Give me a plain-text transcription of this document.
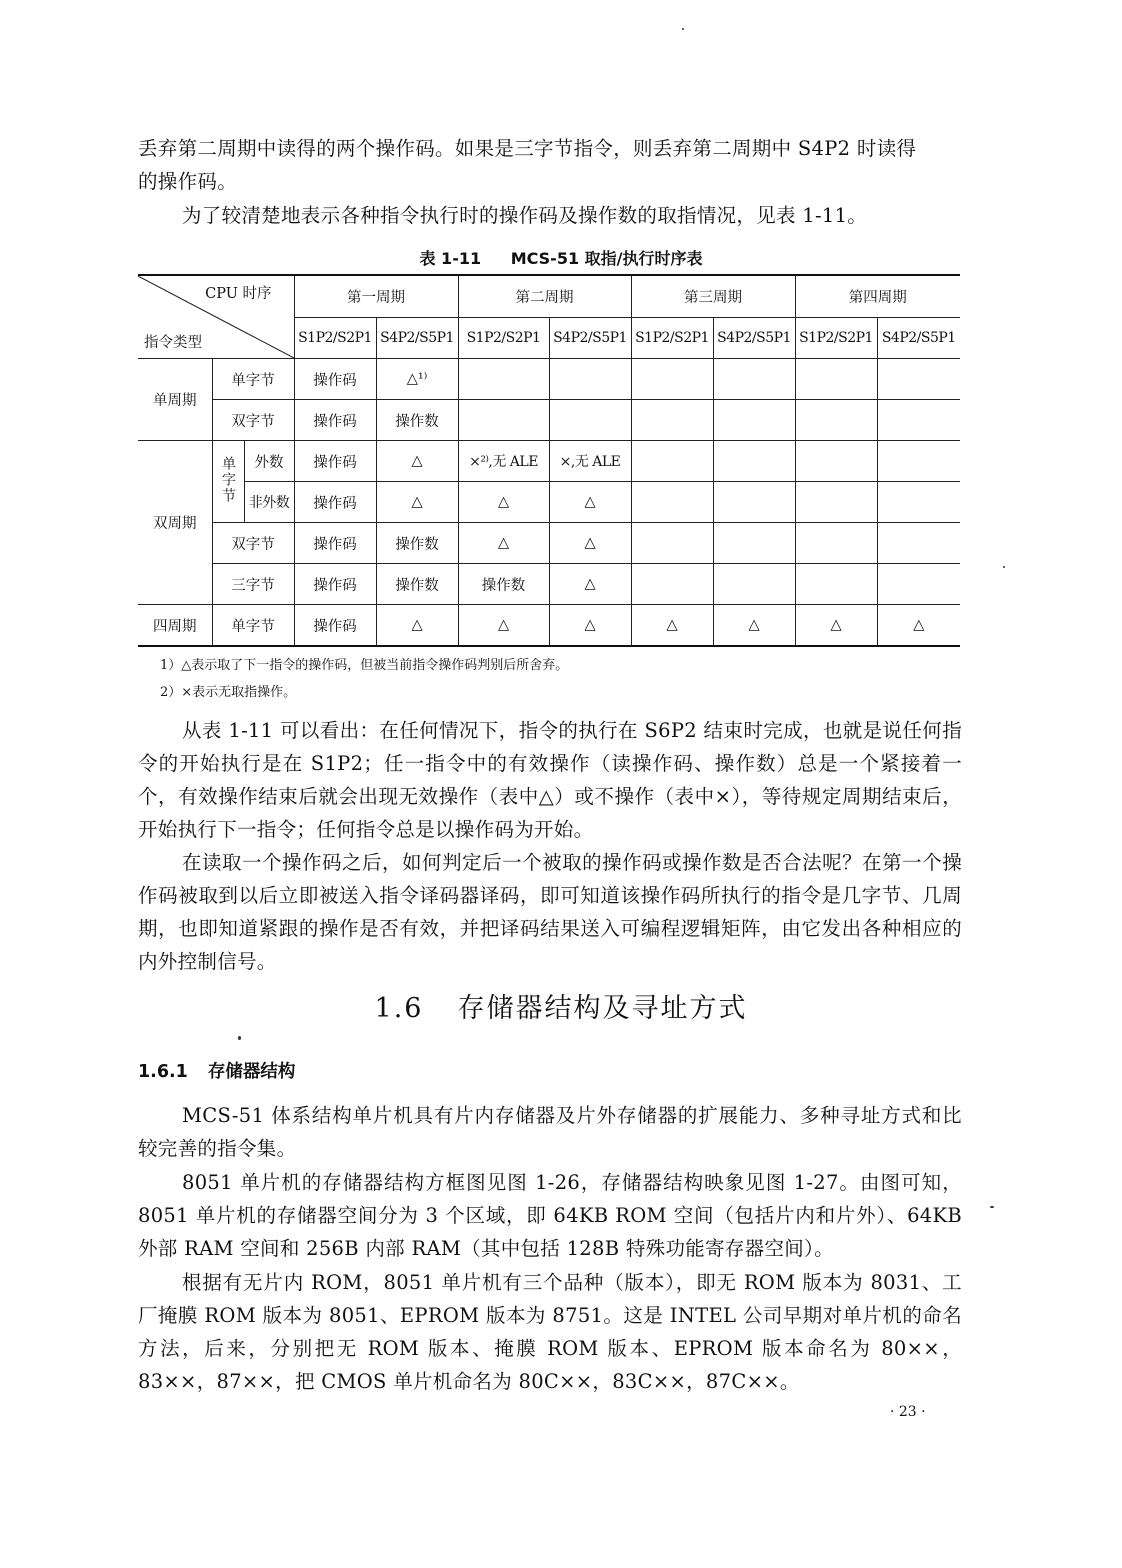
丢弃第二周期中读得的两个操作码。如果是三字节指令，则丢弃第二周期中 S4P2 时读得

的操作码。

为了较清楚地表示各种指令执行时的操作码及操作数的取指情况，见表 1-11。

表 1-11 MCS-51 取指/执行时序表
CPU 时序
指令类型			第一周期		第二周期		第三周期		第四周期	
			S1P2/S2P1	S4P2/S5P1	S1P2/S2P1	S4P2/S5P1	S1P2/S2P1	S4P2/S5P1	S1P2/S2P1	S4P2/S5P1
单周期	单字节		操作码	△¹⁾						
	双字节		操作码	操作数						
双周期	单字节	外数	操作码	△	×²⁾,无 ALE	×,无 ALE				
		非外数	操作码	△	△	△				
	双字节		操作码	操作数	△	△				
	三字节		操作码	操作数	操作数	△				
四周期	单字节		操作码	△	△	△	△	△	△	△
1）△表示取了下一指令的操作码，但被当前指令操作码判别后所舍弃。
2）×表示无取指操作。

从表 1-11 可以看出：在任何情况下，指令的执行在 S6P2 结束时完成，也就是说任何指令的开始执行是在 S1P2；任一指令中的有效操作（读操作码、操作数）总是一个紧接着一个，有效操作结束后就会出现无效操作（表中△）或不操作（表中×），等待规定周期结束后，开始执行下一指令；任何指令总是以操作码为开始。

在读取一个操作码之后，如何判定后一个被取的操作码或操作数是否合法呢？在第一个操作码被取到以后立即被送入指令译码器译码，即可知道该操作码所执行的指令是几字节、几周期，也即知道紧跟的操作是否有效，并把译码结果送入可编程逻辑矩阵，由它发出各种相应的内外控制信号。

1.6 存储器结构及寻址方式
1.6.1 存储器结构

MCS-51 体系结构单片机具有片内存储器及片外存储器的扩展能力、多种寻址方式和比较完善的指令集。

8051 单片机的存储器结构方框图见图 1-26，存储器结构映象见图 1-27。由图可知，8051 单片机的存储器空间分为 3 个区域，即 64KB ROM 空间（包括片内和片外）、64KB 外部 RAM 空间和 256B 内部 RAM（其中包括 128B 特殊功能寄存器空间）。

根据有无片内 ROM，8051 单片机有三个品种（版本），即无 ROM 版本为 8031、工厂掩膜 ROM 版本为 8051、EPROM 版本为 8751。这是 INTEL 公司早期对单片机的命名方法，后来，分别把无 ROM 版本、掩膜 ROM 版本、EPROM 版本命名为 80××，83××，87××，把 CMOS 单片机命名为 80C××，83C××，87C××。

· 23 ·
